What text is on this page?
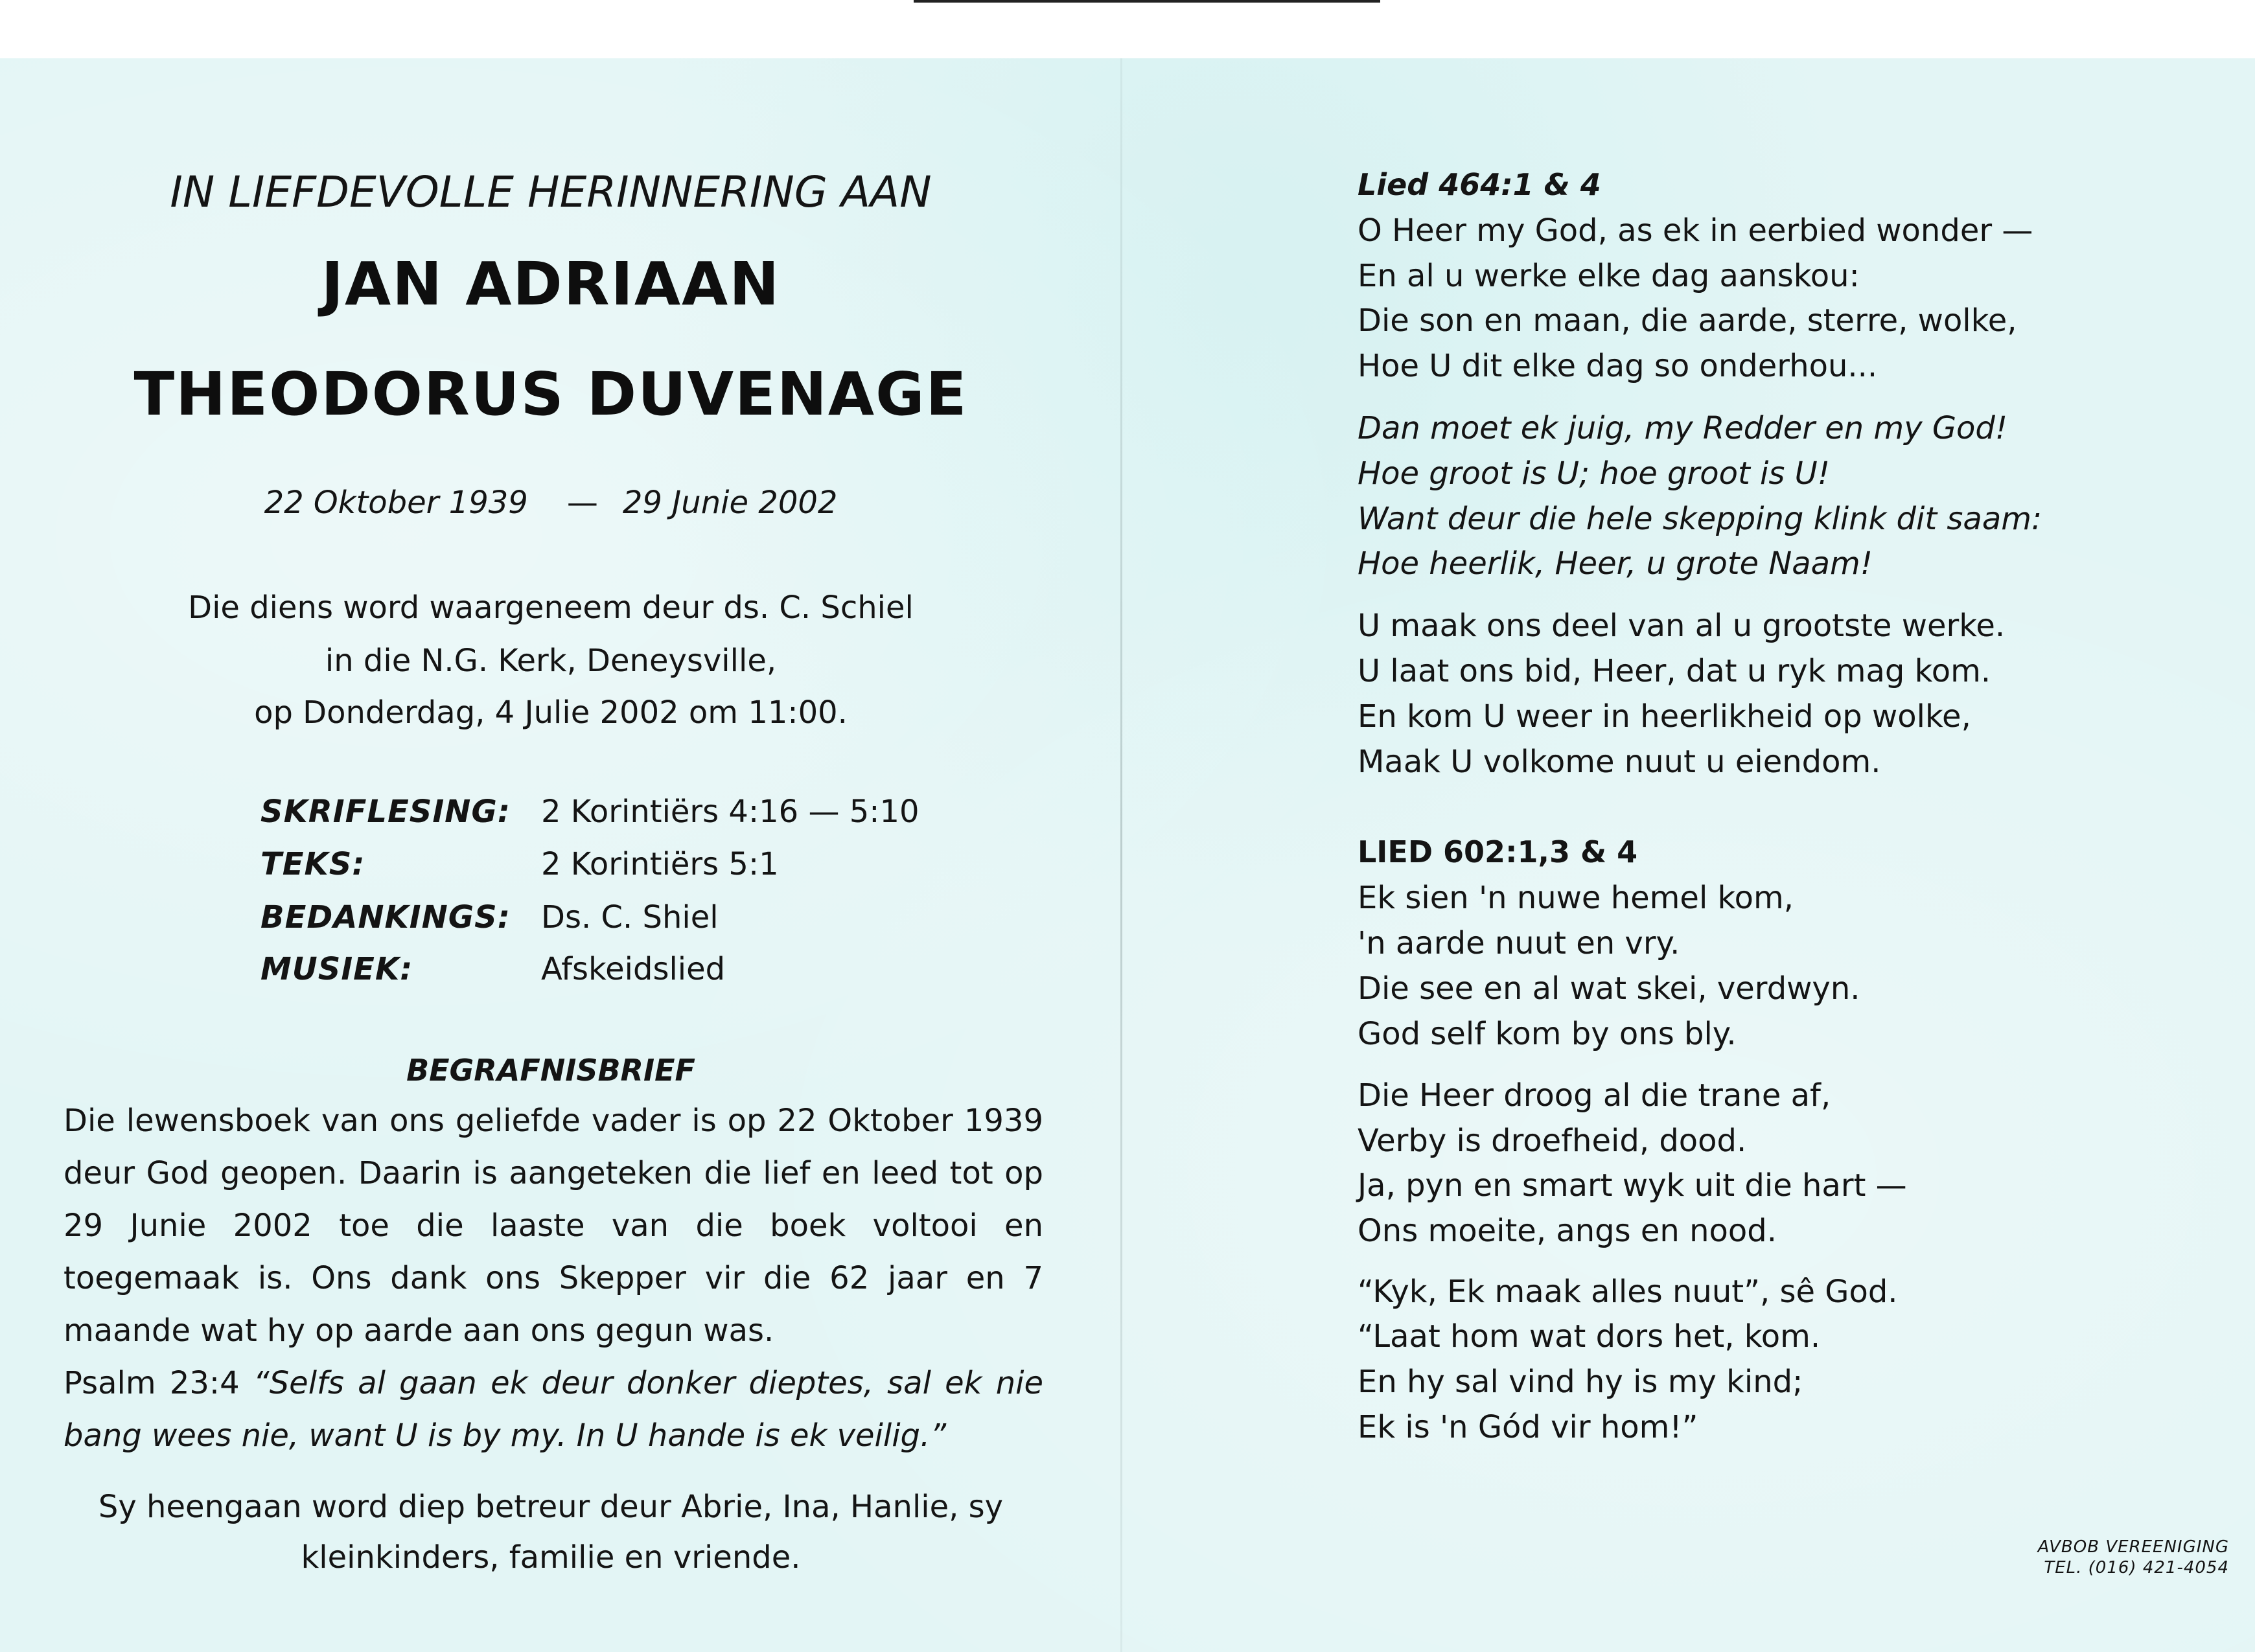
IN LIEFDEVOLLE HERINNERING AAN
JAN ADRIAAN
THEODORUS DUVENAGE
22 Oktober 1939 — 29 Junie 2002
Die diens word waargeneem deur ds. C. Schiel
in die N.G. Kerk, Deneysville,
op Donderdag, 4 Julie 2002 om 11:00.
SKRIFLESING: 2 Korintiërs 4:16 — 5:10
TEKS:	2 Korintiërs 5:1
BEDANKINGS: Ds. C. Shiel
MUSIEK:	Afskeidslied
BEGRAFNISBRIEF

Die lewensboek van ons geliefde vader is op 22 Oktober 1939 deur God geopen. Daarin is aangeteken die lief en leed tot op 29 Junie 2002 toe die laaste van die boek voltooi en toegemaak is. Ons dank ons Skepper vir die 62 jaar en 7 maande wat hy op aarde aan ons gegun was.

Psalm 23:4 “Selfs al gaan ek deur donker dieptes, sal ek nie bang wees nie, want U is by my. In U hande is ek veilig.”

Sy heengaan word diep betreur deur Abrie, Ina, Hanlie, sy
kleinkinders, familie en vriende.
Lied 464:1 & 4
O Heer my God, as ek in eerbied wonder —
En al u werke elke dag aanskou:
Die son en maan, die aarde, sterre, wolke,
Hoe U dit elke dag so onderhou...
Dan moet ek juig, my Redder en my God!
Hoe groot is U; hoe groot is U!
Want deur die hele skepping klink dit saam:
Hoe heerlik, Heer, u grote Naam!
U maak ons deel van al u grootste werke.
U laat ons bid, Heer, dat u ryk mag kom.
En kom U weer in heerlikheid op wolke,
Maak U volkome nuut u eiendom.
LIED 602:1,3 & 4
Ek sien 'n nuwe hemel kom,
'n aarde nuut en vry.
Die see en al wat skei, verdwyn.
God self kom by ons bly.
Die Heer droog al die trane af,
Verby is droefheid, dood.
Ja, pyn en smart wyk uit die hart —
Ons moeite, angs en nood.
“Kyk, Ek maak alles nuut”, sê God.
“Laat hom wat dors het, kom.
En hy sal vind hy is my kind;
Ek is 'n Gód vir hom!”
AVBOB VEREENIGING
TEL. (016) 421-4054
